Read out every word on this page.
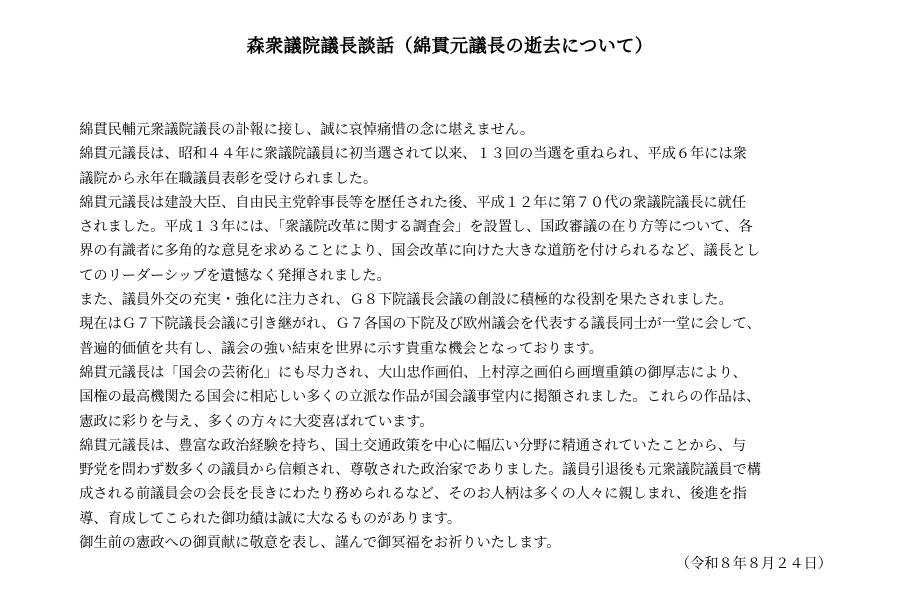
森衆議院議長談話（綿貫元議長の逝去について）

綿貫民輔元衆議院議長の訃報に接し、誠に哀悼痛惜の念に堪えません。

綿貫元議長は、昭和４４年に衆議院議員に初当選されて以来、１３回の当選を重ねられ、平成６年には衆
議院から永年在職議員表彰を受けられました。

綿貫元議長は建設大臣、自由民主党幹事長等を歴任された後、平成１２年に第７０代の衆議院議長に就任
されました。平成１３年には、「衆議院改革に関する調査会」を設置し、国政審議の在り方等について、各
界の有識者に多角的な意見を求めることにより、国会改革に向けた大きな道筋を付けられるなど、議長とし
てのリーダーシップを遺憾なく発揮されました。

また、議員外交の充実・強化に注力され、Ｇ８下院議長会議の創設に積極的な役割を果たされました。
現在はＧ７下院議長会議に引き継がれ、Ｇ７各国の下院及び欧州議会を代表する議長同士が一堂に会して、
普遍的価値を共有し、議会の強い結束を世界に示す貴重な機会となっております。

綿貫元議長は「国会の芸術化」にも尽力され、大山忠作画伯、上村淳之画伯ら画壇重鎮の御厚志により、
国権の最高機関たる国会に相応しい多くの立派な作品が国会議事堂内に掲額されました。これらの作品は、
憲政に彩りを与え、多くの方々に大変喜ばれています。

綿貫元議長は、豊富な政治経験を持ち、国土交通政策を中心に幅広い分野に精通されていたことから、与
野党を問わず数多くの議員から信頼され、尊敬された政治家でありました。議員引退後も元衆議院議員で構
成される前議員会の会長を長きにわたり務められるなど、そのお人柄は多くの人々に親しまれ、後進を指
導、育成してこられた御功績は誠に大なるものがあります。

御生前の憲政への御貢献に敬意を表し、謹んで御冥福をお祈りいたします。

（令和８年８月２４日）
